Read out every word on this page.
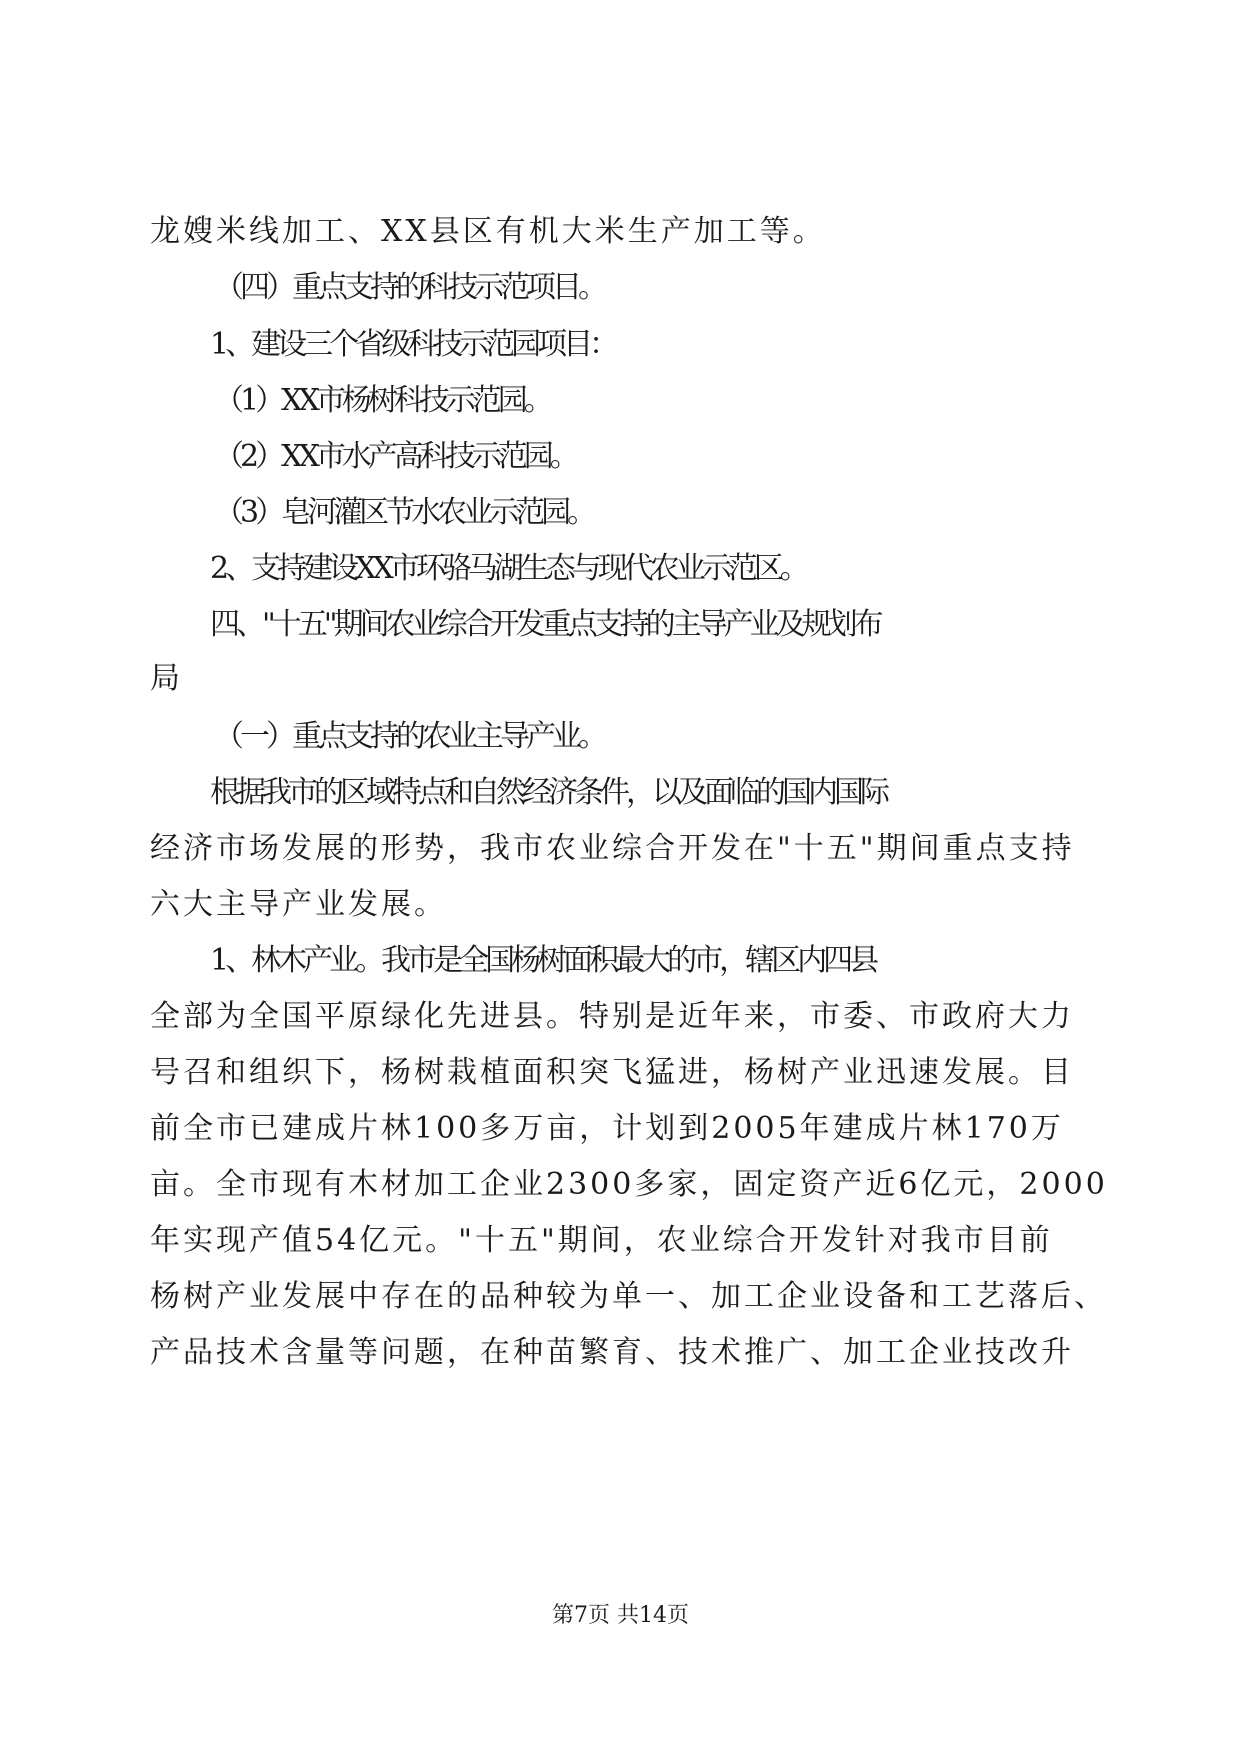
龙嫂米线加工、XX县区有机大米生产加工等。

（四）重点支持的科技示范项目。

1、建设三个省级科技示范园项目：

（1）XX市杨树科技示范园。

（2）XX市水产高科技示范园。

（3）皂河灌区节水农业示范园。

2、支持建设XX市环骆马湖生态与现代农业示范区。

四、"十五"期间农业综合开发重点支持的主导产业及规划布

局

（一）重点支持的农业主导产业。

根据我市的区域特点和自然经济条件，以及面临的国内国际

经济市场发展的形势，我市农业综合开发在"十五"期间重点支持

六大主导产业发展。

1、林木产业。我市是全国杨树面积最大的市，辖区内四县

全部为全国平原绿化先进县。特别是近年来，市委、市政府大力

号召和组织下，杨树栽植面积突飞猛进，杨树产业迅速发展。目

前全市已建成片林100多万亩，计划到2005年建成片林170万

亩。全市现有木材加工企业2300多家，固定资产近6亿元，2000

年实现产值54亿元。"十五"期间，农业综合开发针对我市目前

杨树产业发展中存在的品种较为单一、加工企业设备和工艺落后、

产品技术含量等问题，在种苗繁育、技术推广、加工企业技改升

第7页 共14页
